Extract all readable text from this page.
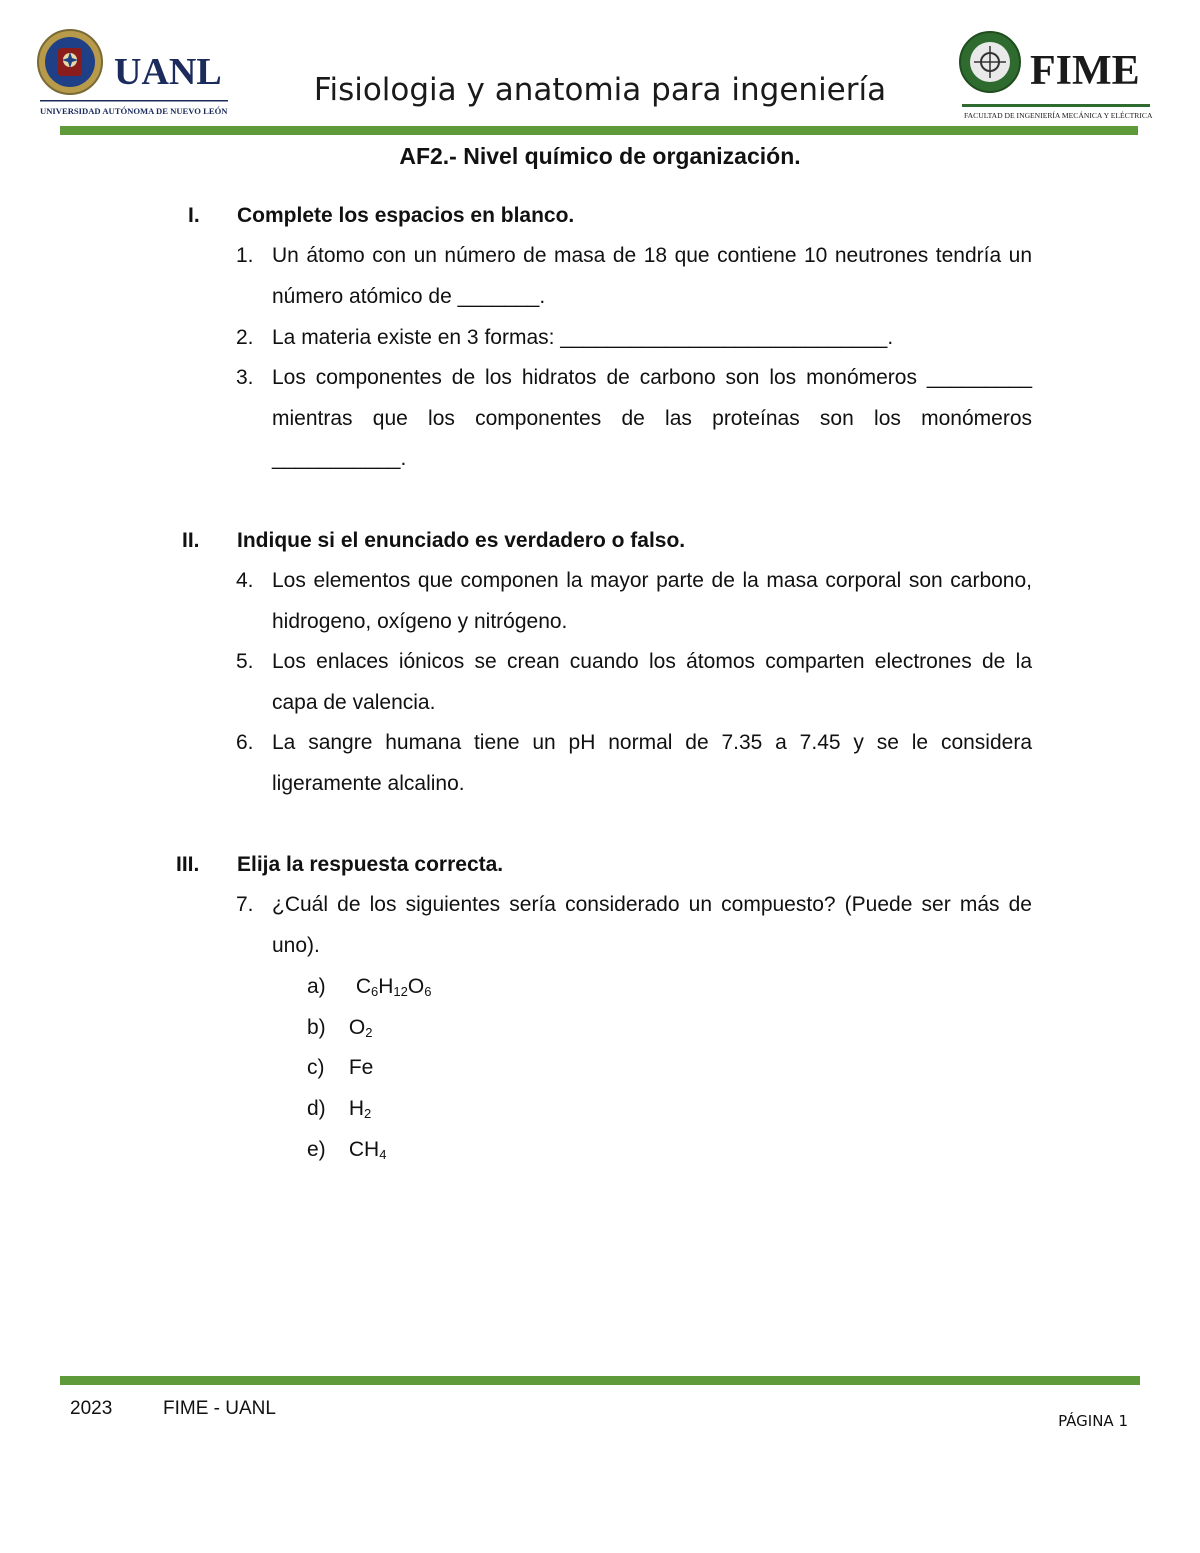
UANL
UNIVERSIDAD AUTÓNOMA DE NUEVO LEÓN
Fisiologia y anatomia para ingeniería	FIME
FACULTAD DE INGENIERÍA MECÁNICA Y ELÉCTRICA
AF2.- Nivel químico de organización.
I. Complete los espacios en blanco.
1. Un átomo con un número de masa de 18 que contiene 10 neutrones tendría un número atómico de _______.
2. La materia existe en 3 formas: ____________________________.
3. Los componentes de los hidratos de carbono son los monómeros _________ mientras que los componentes de las proteínas son los monómeros ___________.
II. Indique si el enunciado es verdadero o falso.
4. Los elementos que componen la mayor parte de la masa corporal son carbono, hidrogeno, oxígeno y nitrógeno.
5. Los enlaces iónicos se crean cuando los átomos comparten electrones de la capa de valencia.
6. La sangre humana tiene un pH normal de 7.35 a 7.45 y se le considera ligeramente alcalino.
III. Elija la respuesta correcta.
7. ¿Cuál de los siguientes sería considerado un compuesto? (Puede ser más de uno).
a) $C_6H_{12}O_6$
b) $O_2$
c) Fe
d) $H_2$
e) $CH_4$
2023	FIME - UANL
PÁGINA 1
